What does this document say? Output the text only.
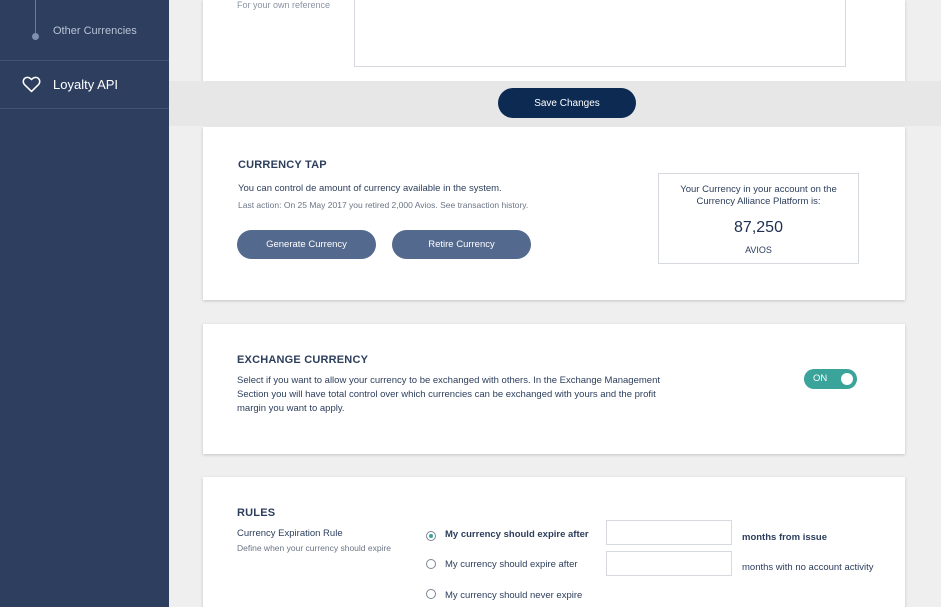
Other Currencies
Loyalty API
For your own reference
Save Changes
CURRENCY TAP
You can control de amount of currency available in the system.
Last action: On 25 May 2017 you retired 2,000 Avios. See transaction history.
Generate Currency	Retire Currency
Your Currency in your account on the
Currency Alliance Platform is:
87,250
AVIOS
EXCHANGE CURRENCY
Select if you want to allow your currency to be exchanged with others. In the Exchange Management
Section you will have total control over which currencies can be exchanged with yours and the profit
margin you want to apply.
ON
RULES
Currency Expiration Rule
Define when your currency should expire
My currency should expire after	months from issue
My currency should expire after	months with no account activity
My currency should never expire
